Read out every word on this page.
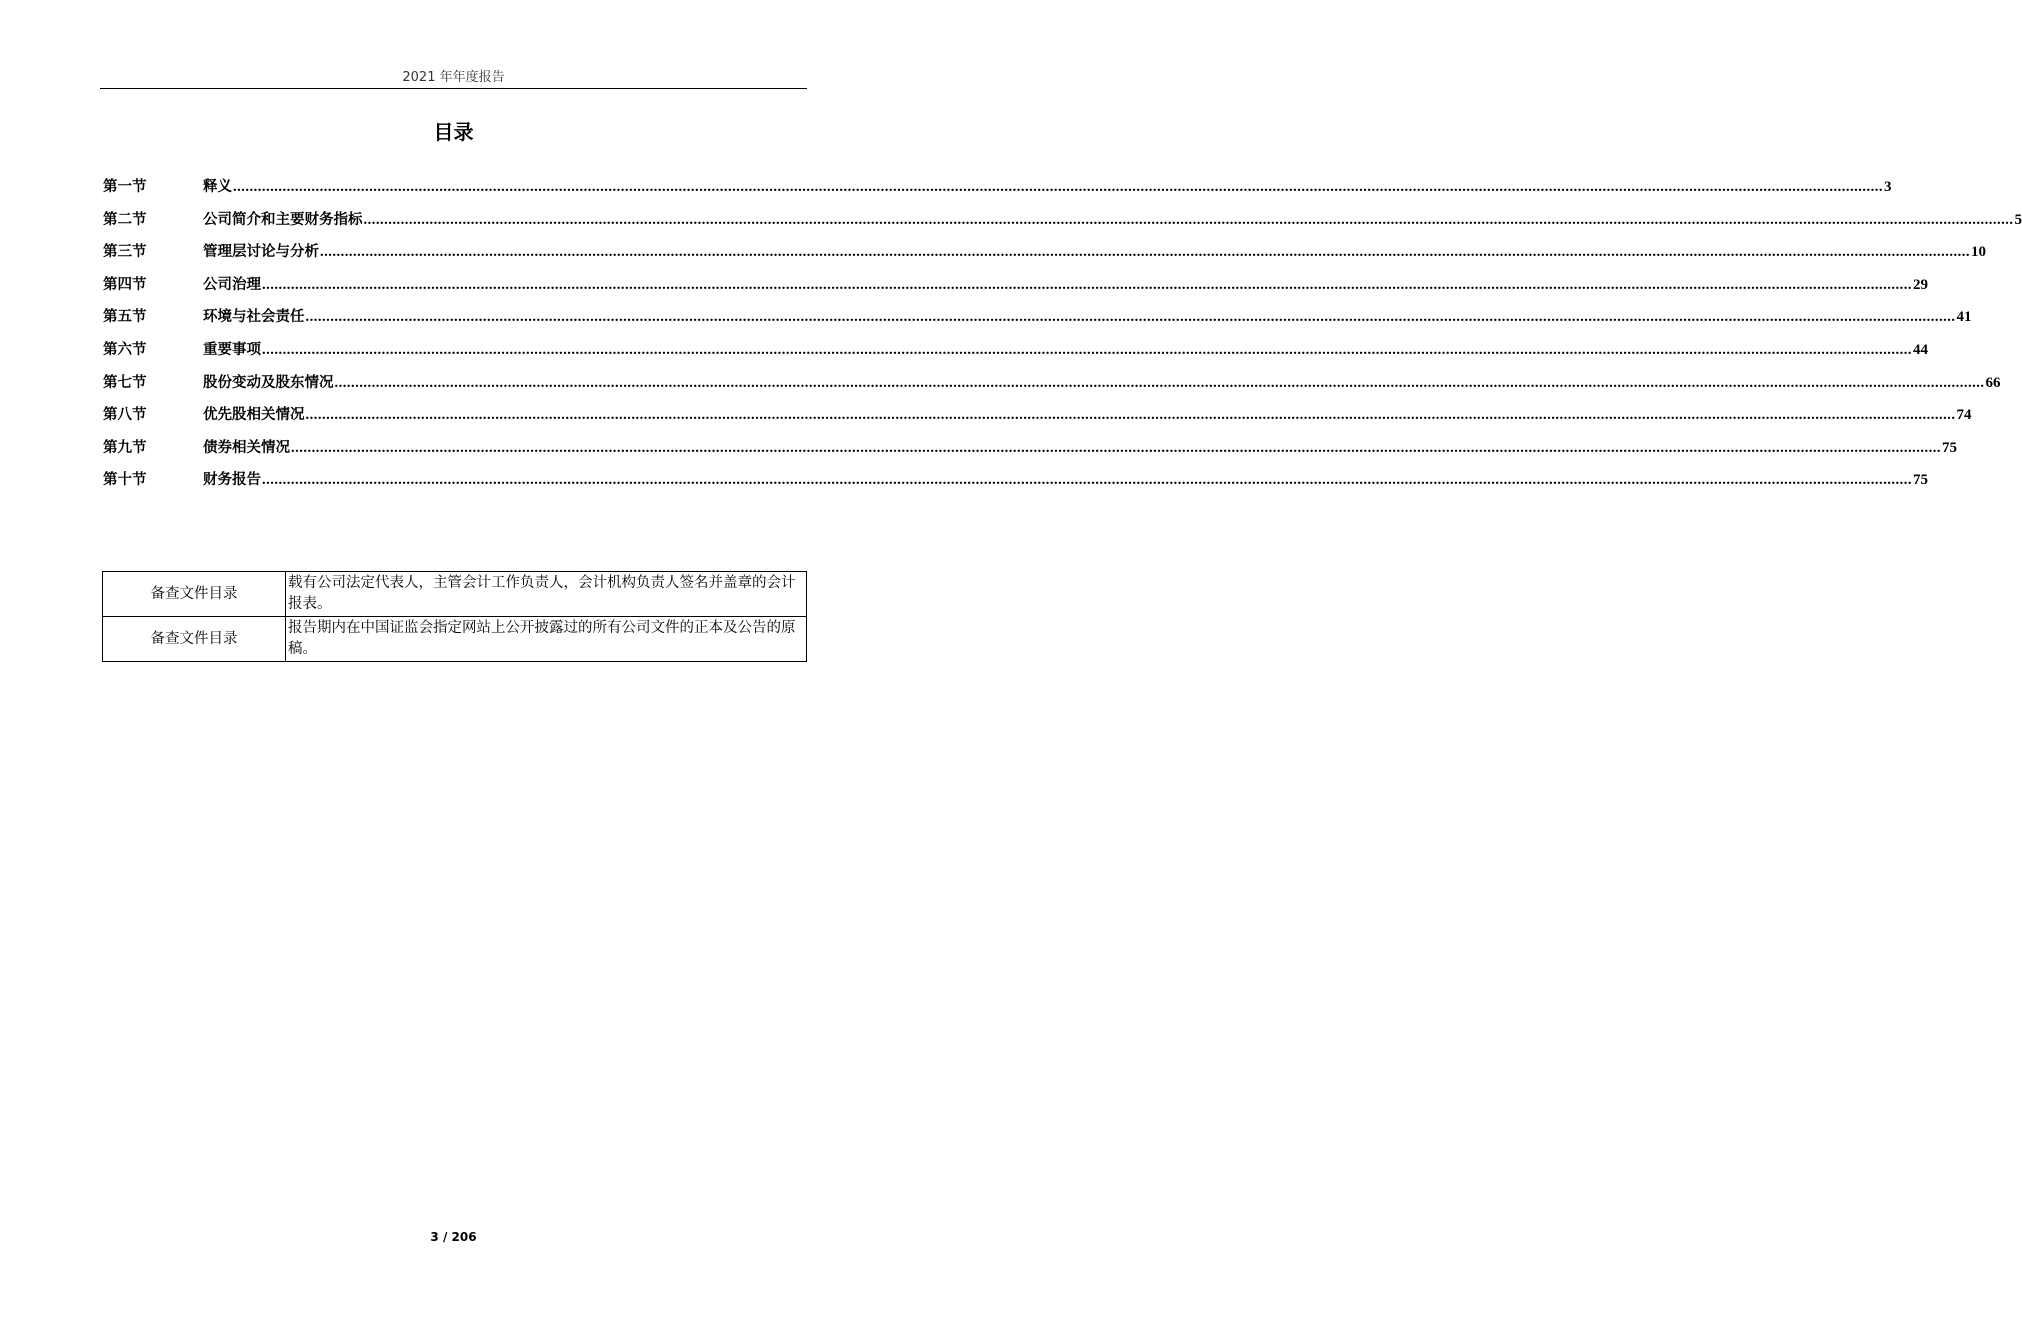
2021 年年度报告
目录
第一节	释义 ................................................................................................................................................................................................................................................................................................................................................................................................................ 3
第二节	公司简介和主要财务指标 ................................................................................................................................................................................................................................................................................................................................................................................................................ 5
第三节	管理层讨论与分析 ................................................................................................................................................................................................................................................................................................................................................................................................................ 10
第四节	公司治理 ................................................................................................................................................................................................................................................................................................................................................................................................................ 29
第五节	环境与社会责任 ................................................................................................................................................................................................................................................................................................................................................................................................................ 41
第六节	重要事项 ................................................................................................................................................................................................................................................................................................................................................................................................................ 44
第七节	股份变动及股东情况 ................................................................................................................................................................................................................................................................................................................................................................................................................ 66
第八节	优先股相关情况 ................................................................................................................................................................................................................................................................................................................................................................................................................ 74
第九节	债券相关情况 ................................................................................................................................................................................................................................................................................................................................................................................................................ 75
第十节	财务报告 ................................................................................................................................................................................................................................................................................................................................................................................................................ 75
备查文件目录	载有公司法定代表人，主管会计工作负责人，会计机构负责人签名并盖章的会计报表。
备查文件目录	报告期内在中国证监会指定网站上公开披露过的所有公司文件的正本及公告的原稿。
3 / 206
